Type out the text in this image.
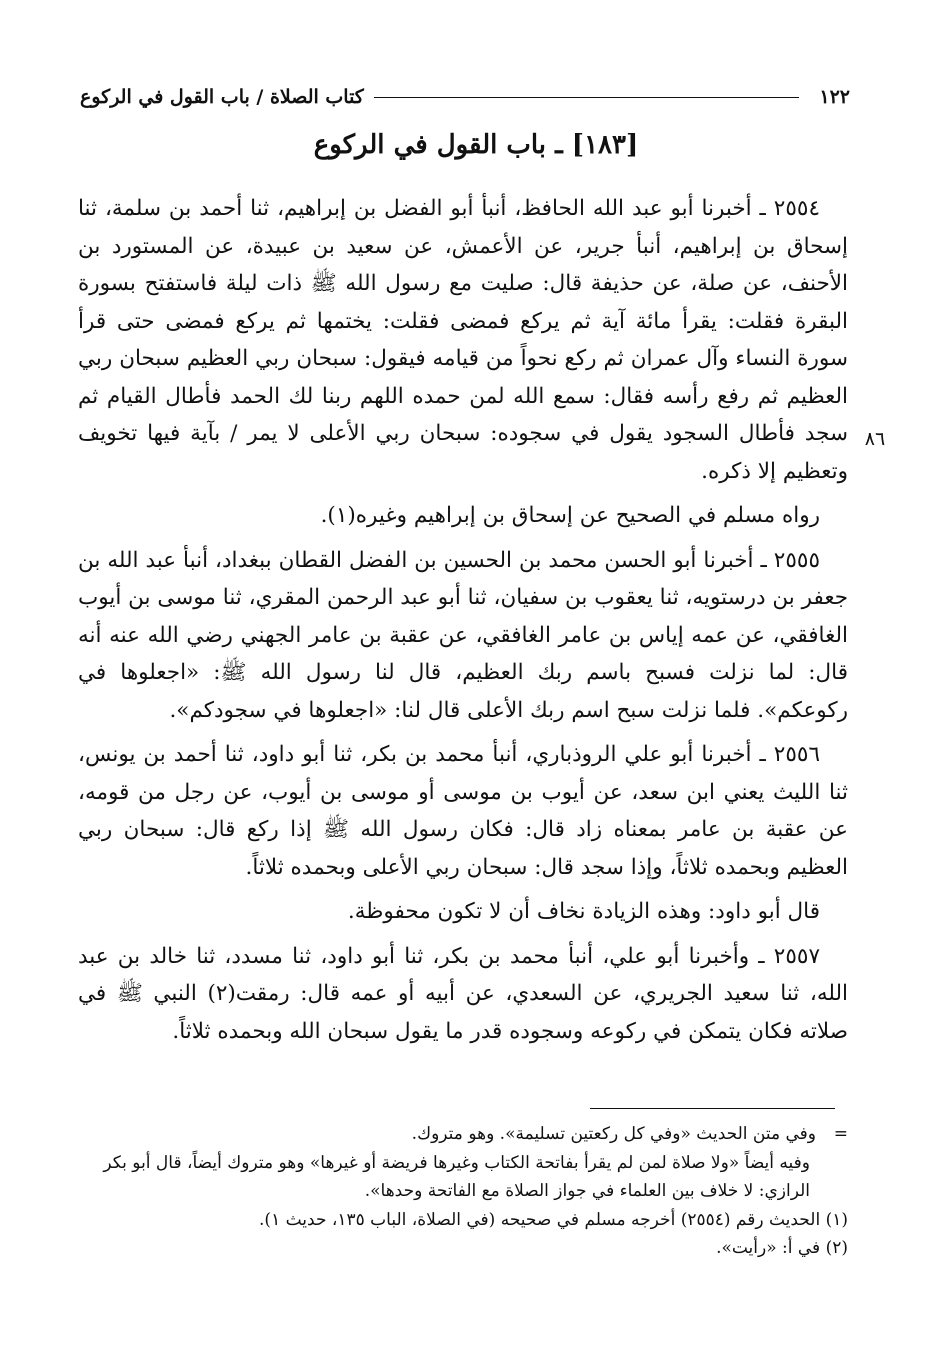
١٢٢
كتاب الصلاة / باب القول في الركوع
[١٨٣] ـ باب القول في الركوع

٢٥٥٤ ـ أخبرنا أبو عبد الله الحافظ، أنبأ أبو الفضل بن إبراهيم، ثنا أحمد بن سلمة، ثنا إسحاق بن إبراهيم، أنبأ جرير، عن الأعمش، عن سعيد بن عبيدة، عن المستورد بن الأحنف، عن صلة، عن حذيفة قال: صليت مع رسول الله ﷺ ذات ليلة فاستفتح بسورة البقرة فقلت: يقرأ مائة آية ثم يركع فمضى فقلت: يختمها ثم يركع فمضى حتى قرأ سورة النساء وآل عمران ثم ركع نحواً من قيامه فيقول: سبحان ربي العظيم سبحان ربي العظيم ثم رفع رأسه فقال: سمع الله لمن حمده اللهم ربنا لك الحمد فأطال القيام ثم سجد فأطال السجود يقول في سجوده: سبحان ربي الأعلى لا يمر / بآية فيها تخويف وتعظيم إلا ذكره.

رواه مسلم في الصحيح عن إسحاق بن إبراهيم وغيره(١).

٢٥٥٥ ـ أخبرنا أبو الحسن محمد بن الحسين بن الفضل القطان ببغداد، أنبأ عبد الله بن جعفر بن درستويه، ثنا يعقوب بن سفيان، ثنا أبو عبد الرحمن المقري، ثنا موسى بن أيوب الغافقي، عن عمه إياس بن عامر الغافقي، عن عقبة بن عامر الجهني رضي الله عنه أنه قال: لما نزلت فسبح باسم ربك العظيم، قال لنا رسول الله ﷺ: «اجعلوها في ركوعكم». فلما نزلت سبح اسم ربك الأعلى قال لنا: «اجعلوها في سجودكم».

٢٥٥٦ ـ أخبرنا أبو علي الروذباري، أنبأ محمد بن بكر، ثنا أبو داود، ثنا أحمد بن يونس، ثنا الليث يعني ابن سعد، عن أيوب بن موسى أو موسى بن أيوب، عن رجل من قومه، عن عقبة بن عامر بمعناه زاد قال: فكان رسول الله ﷺ إذا ركع قال: سبحان ربي العظيم وبحمده ثلاثاً، وإذا سجد قال: سبحان ربي الأعلى وبحمده ثلاثاً.

قال أبو داود: وهذه الزيادة نخاف أن لا تكون محفوظة.

٢٥٥٧ ـ وأخبرنا أبو علي، أنبأ محمد بن بكر، ثنا أبو داود، ثنا مسدد، ثنا خالد بن عبد الله، ثنا سعيد الجريري، عن السعدي، عن أبيه أو عمه قال: رمقت(٢) النبي ﷺ في صلاته فكان يتمكن في ركوعه وسجوده قدر ما يقول سبحان الله وبحمده ثلاثاً.

٨٦

=وفي متن الحديث «وفي كل ركعتين تسليمة». وهو متروك.

وفيه أيضاً «ولا صلاة لمن لم يقرأ بفاتحة الكتاب وغيرها فريضة أو غيرها» وهو متروك أيضاً، قال أبو بكر الرازي: لا خلاف بين العلماء في جواز الصلاة مع الفاتحة وحدها».

(١) الحديث رقم (٢٥٥٤) أخرجه مسلم في صحيحه (في الصلاة، الباب ١٣٥، حديث ١).

(٢) في أ: «رأيت».
